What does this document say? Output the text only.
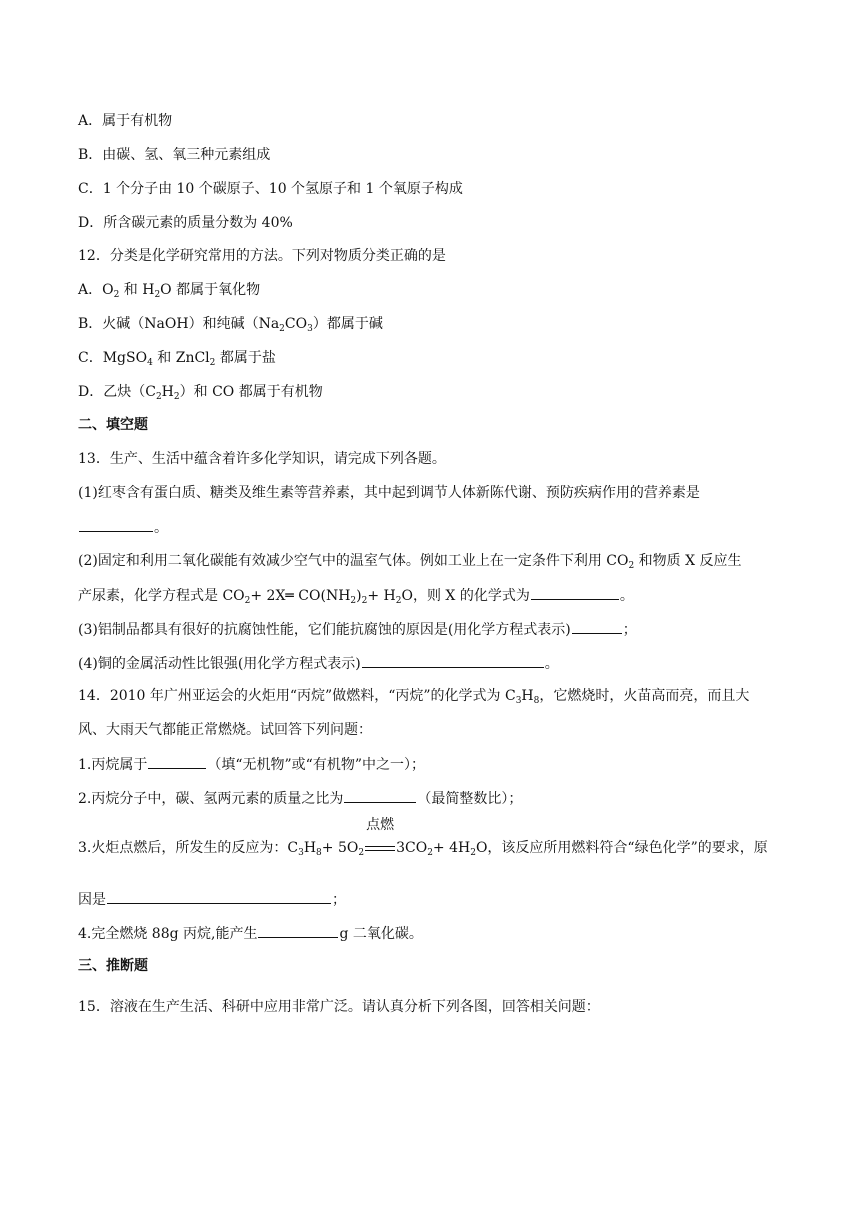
A．属于有机物
B．由碳、氢、氧三种元素组成
C．1 个分子由 10 个碳原子、10 个氢原子和 1 个氧原子构成
D．所含碳元素的质量分数为 40%
12．分类是化学研究常用的方法。下列对物质分类正确的是
A．$O_2$ 和 $H_2O$ 都属于氧化物
B．火碱（NaOH）和纯碱$(Na_2CO_3)$都属于碱
C．MgSO$_4$ 和 ZnCl$_2$ 都属于盐
D．乙炔$(C_2H_2)$和 CO 都属于有机物
二、填空题
13．生产、生活中蕴含着许多化学知识，请完成下列各题。
(1)红枣含有蛋白质、糖类及维生素等营养素，其中起到调节人体新陈代谢、预防疾病作用的营养素是
。
(2)固定和利用二氧化碳能有效减少空气中的温室气体。例如工业上在一定条件下利用 $CO_2$ 和物质 X 反应生
产尿素，化学方程式是 $CO_2+$ 2X═ $CO(NH_2)_2+ H_2O$，则 X 的化学式为	。
(3)铝制品都具有很好的抗腐蚀性能，它们能抗腐蚀的原因是(用化学方程式表示)	；
(4)铜的金属活动性比银强(用化学方程式表示)	。
14．2010 年广州亚运会的火炬用“丙烷”做燃料，“丙烷”的化学式为 $C_3H_8$，它燃烧时，火苗高而亮，而且大
风、大雨天气都能正常燃烧。试回答下列问题：
1.丙烷属于	（填“无机物”或“有机物”中之一）；
2.丙烷分子中，碳、氢两元素的质量之比为	（最简整数比）；
3.火炬点燃后，所发生的反应为：$C_3H_8+ 5O_2$
点燃
$3CO_2+ 4H_2O$，该反应所用燃料符合“绿色化学”的要求，原
因是	；
4.完全燃烧 88g 丙烷,能产生	g 二氧化碳。
三、推断题
15．溶液在生产生活、科研中应用非常广泛。请认真分析下列各图，回答相关问题：
